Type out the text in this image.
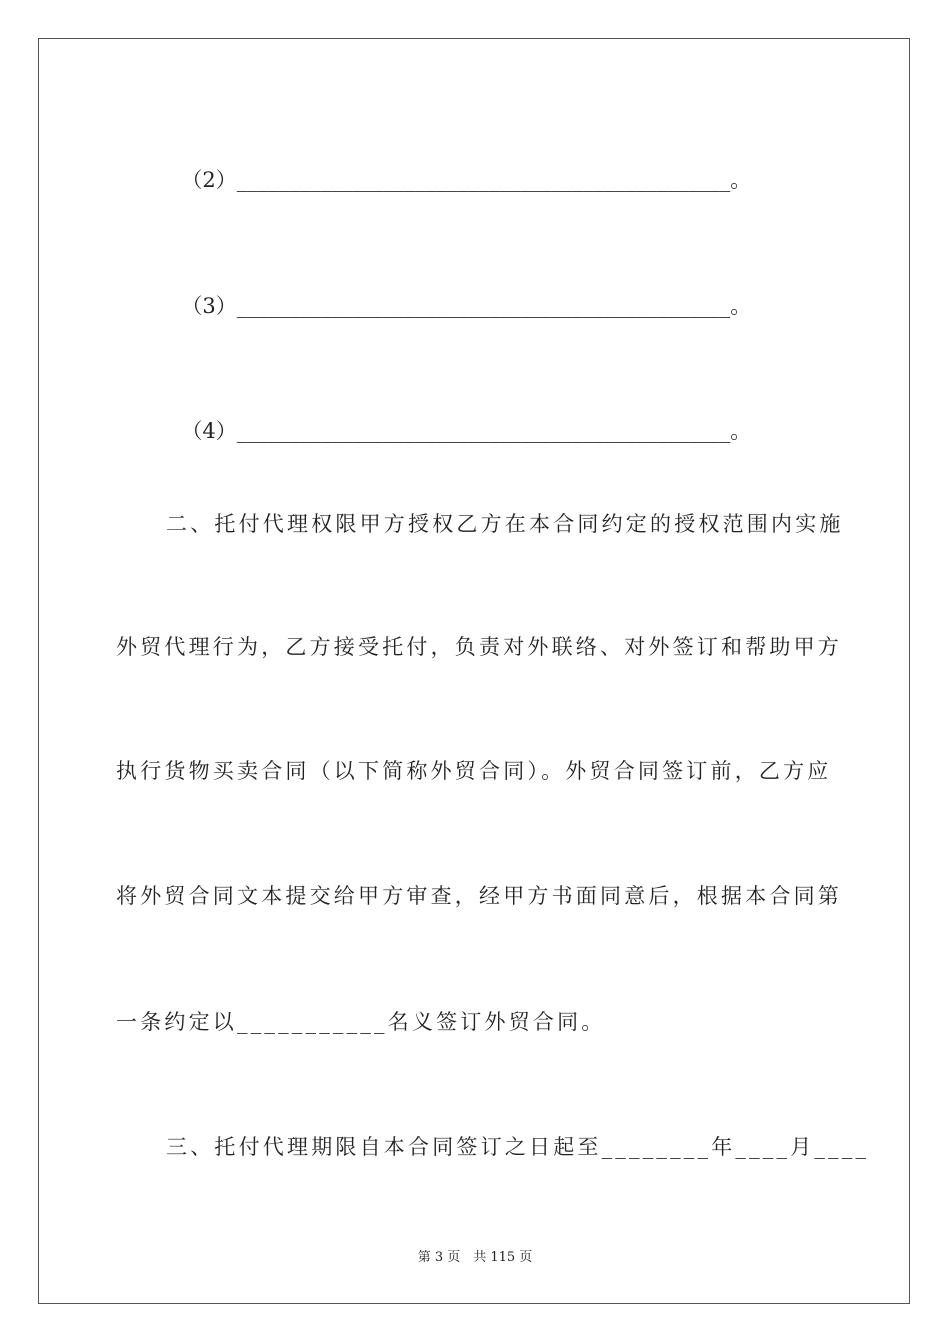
（2）_______________________________________________。

（3）_______________________________________________。

（4）_______________________________________________。

二、托付代理权限甲方授权乙方在本合同约定的授权范围内实施
外贸代理行为，乙方接受托付，负责对外联络、对外签订和帮助甲方
执行货物买卖合同（以下简称外贸合同）。外贸合同签订前，乙方应
将外贸合同文本提交给甲方审查，经甲方书面同意后，根据本合同第
一条约定以___________名义签订外贸合同。
三、托付代理期限自本合同签订之日起至________年____月____
第 3 页　共 115 页
